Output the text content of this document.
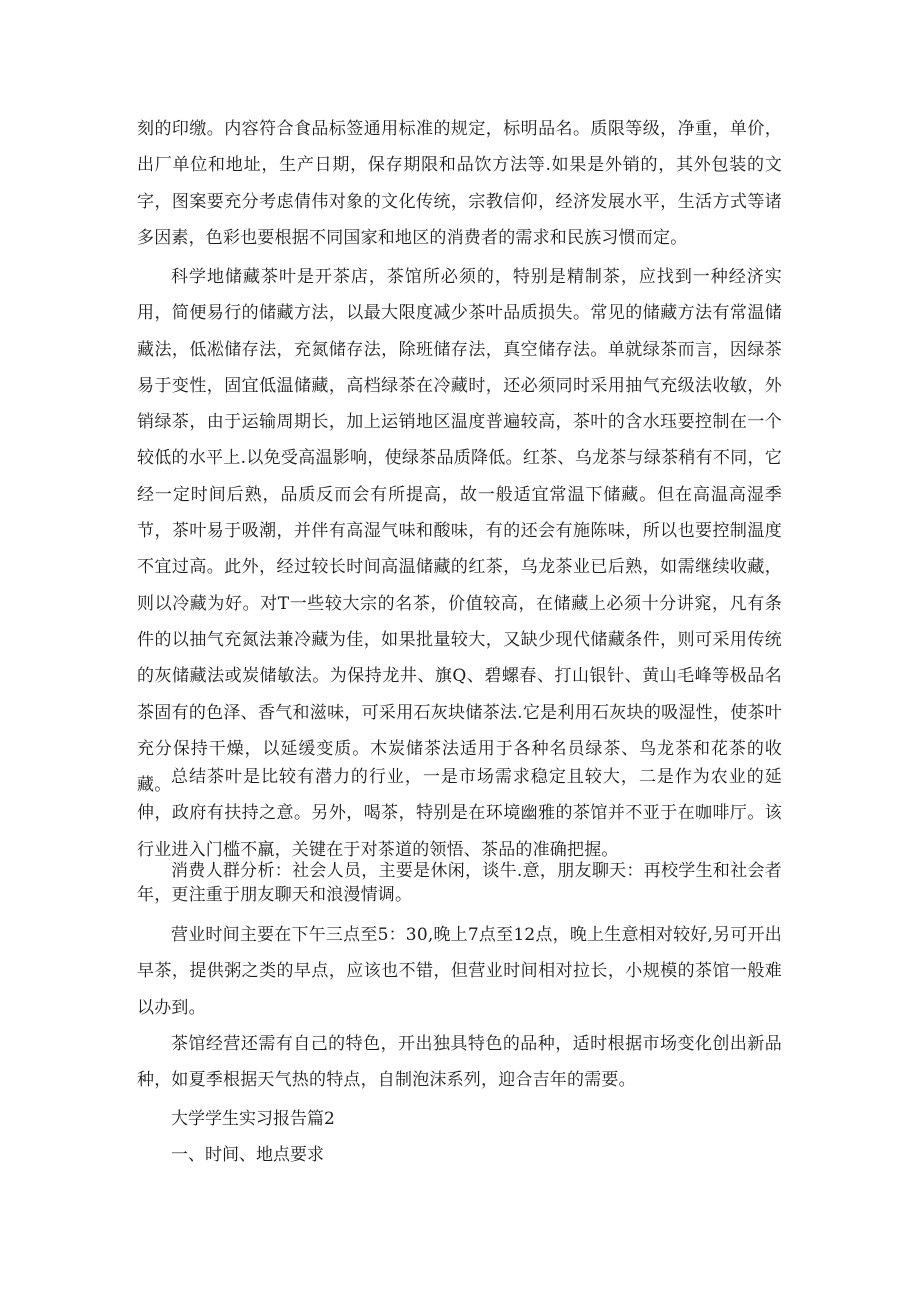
刻的印缴。内容符合食品标签通用标准的规定，标明品名。质限等级，净重，单价，出厂单位和地址，生产日期，保存期限和品饮方法等.如果是外销的，其外包装的文字，图案要充分考虑倩伟对象的文化传统，宗教信仰，经济发展水平，生活方式等诸多因素，色彩也要根据不同国家和地区的消费者的需求和民族习惯而定。

科学地储藏茶叶是开茶店，茶馆所必须的，特别是精制茶，应找到一种经济实用，简便易行的储藏方法，以最大限度减少茶叶品质损失。常见的储藏方法有常温储藏法，低凇储存法，充氮储存法，除班储存法，真空储存法。单就绿茶而言，因绿茶易于变性，固宜低温储藏，高档绿茶在冷藏时，还必须同时采用抽气充级法收敏，外销绿茶，由于运输周期长，加上运销地区温度普遍较高，茶叶的含水珏要控制在一个较低的水平上.以免受高温影响，使绿茶品质降低。红茶、乌龙茶与绿茶稍有不同，它经一定时间后熟，品质反而会有所提高，故一般适宜常温下储藏。但在高温高湿季节，茶叶易于吸潮，并伴有高湿气味和酸味，有的还会有施陈味，所以也要控制温度不宜过高。此外，经过较长时间高温储藏的红茶，乌龙茶业已后熟，如需继续收藏，则以冷藏为好。对T一些较大宗的名茶，价值较高，在储藏上必须十分讲窕，凡有条件的以抽气充氮法兼冷藏为佳，如果批量较大，又缺少现代储藏条件，则可采用传统的灰储藏法或炭储敏法。为保持龙井、旗Q、碧螺春、打山银针、黄山毛峰等极品名茶固有的色泽、香气和滋味，可采用石灰块储茶法.它是利用石灰块的吸湿性，使茶叶充分保持干燥，以延缓变质。木炭储茶法适用于各种名员绿茶、鸟龙茶和花茶的收藏。 总结茶叶是比较有潜力的行业，一是市场需求稳定且较大，二是作为农业的延伸，政府有扶持之意。另外，喝茶，特别是在环境幽雅的茶馆并不亚于在咖啡厅。该行业进入门槛不羸，关键在于对茶道的领悟、茶品的准确把握。

消费人群分析：社会人员，主要是休闲，谈牛.意，朋友聊天：再校学生和社会者年，更注重于朋友聊天和浪漫情调。

营业时间主要在下午三点至5：30,晚上7点至12点，晚上生意相对较好,另可开出早茶，提供粥之类的早点，应该也不错，但营业时间相对拉长，小规模的茶馆一般难以办到。

茶馆经营还需有自己的特色，开出独具特色的品种，适时根据市场变化创出新品种，如夏季根据天气热的特点，自制泡沫系列，迎合吉年的需要。

大学学生实习报告篇2
一、时间、地点要求
